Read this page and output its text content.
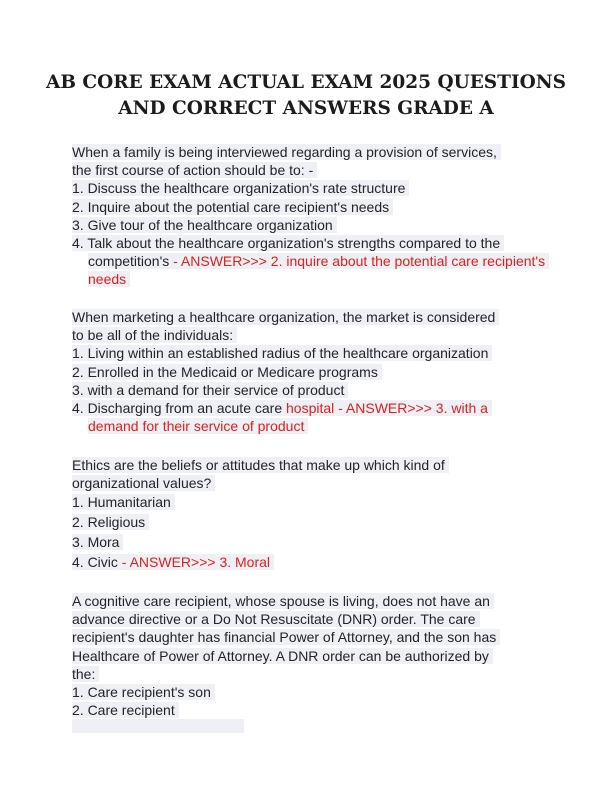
AB CORE EXAM ACTUAL EXAM 2025 QUESTIONS
AND CORRECT ANSWERS GRADE A
When a family is being interviewed regarding a provision of services,
the first course of action should be to: -
1. Discuss the healthcare organization's rate structure
2. Inquire about the potential care recipient's needs
3. Give tour of the healthcare organization
4. Talk about the healthcare organization's strengths compared to the competition's - ANSWER>>> 2. inquire about the potential care recipient's needs
When marketing a healthcare organization, the market is considered
to be all of the individuals:
1. Living within an established radius of the healthcare organization
2. Enrolled in the Medicaid or Medicare programs
3. with a demand for their service of product
4. Discharging from an acute care hospital - ANSWER>>> 3. with a demand for their service of product
Ethics are the beliefs or attitudes that make up which kind of
organizational values?
1. Humanitarian
2. Religious
3. Mora
4. Civic - ANSWER>>> 3. Moral
A cognitive care recipient, whose spouse is living, does not have an
advance directive or a Do Not Resuscitate (DNR) order. The care
recipient's daughter has financial Power of Attorney, and the son has
Healthcare of Power of Attorney. A DNR order can be authorized by
the:
1. Care recipient's son
2. Care recipient
